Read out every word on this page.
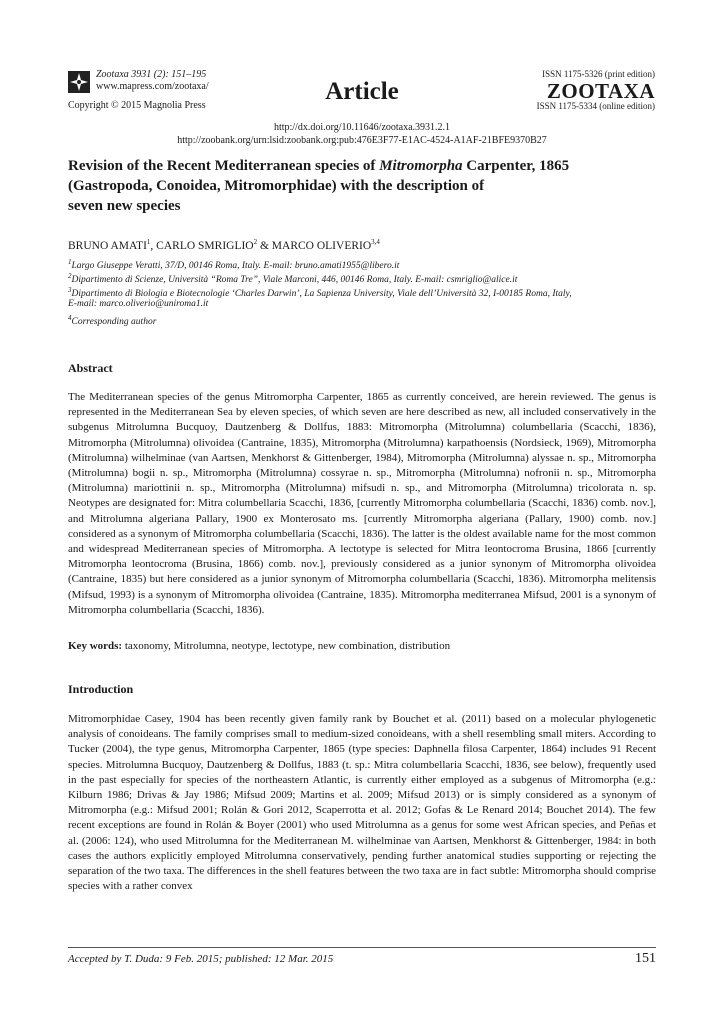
Zootaxa 3931 (2): 151–195
www.mapress.com/zootaxa/
Copyright © 2015 Magnolia Press
Article
ISSN 1175-5326 (print edition)
ZOOTAXA
ISSN 1175-5334 (online edition)
http://dx.doi.org/10.11646/zootaxa.3931.2.1
http://zoobank.org/urn:lsid:zoobank.org:pub:476E3F77-E1AC-4524-A1AF-21BFE9370B27
Revision of the Recent Mediterranean species of Mitromorpha Carpenter, 1865
(Gastropoda, Conoidea, Mitromorphidae) with the description of
seven new species
BRUNO AMATI$^1$, CARLO SMRIGLIO$^2$ & MARCO OLIVERIO$^{3,4}$
$^1$Largo Giuseppe Veratti, 37/D, 00146 Roma, Italy. E-mail: bruno.amati1955@libero.it
$^2$Dipartimento di Scienze, Università “Roma Tre”, Viale Marconi, 446, 00146 Roma, Italy. E-mail: csmriglio@alice.it
$^3$Dipartimento di Biologia e Biotecnologie ‘Charles Darwin’, La Sapienza University, Viale dell’Università 32, I-00185 Roma, Italy,
E-mail: marco.oliverio@uniroma1.it
$^4$Corresponding author
Abstract
The Mediterranean species of the genus Mitromorpha Carpenter, 1865 as currently conceived, are herein reviewed. The genus is represented in the Mediterranean Sea by eleven species, of which seven are here described as new, all included conservatively in the subgenus Mitrolumna Bucquoy, Dautzenberg & Dollfus, 1883: Mitromorpha (Mitrolumna) columbellaria (Scacchi, 1836), Mitromorpha (Mitrolumna) olivoidea (Cantraine, 1835), Mitromorpha (Mitrolumna) karpathoensis (Nordsieck, 1969), Mitromorpha (Mitrolumna) wilhelminae (van Aartsen, Menkhorst & Gittenberger, 1984), Mitromorpha (Mitrolumna) alyssae n. sp., Mitromorpha (Mitrolumna) bogii n. sp., Mitromorpha (Mitrolumna) cossyrae n. sp., Mitromorpha (Mitrolumna) nofronii n. sp., Mitromorpha (Mitrolumna) mariottinii n. sp., Mitromorpha (Mitrolumna) mifsudi n. sp., and Mitromorpha (Mitrolumna) tricolorata n. sp. Neotypes are designated for: Mitra columbellaria Scacchi, 1836, [currently Mitromorpha columbellaria (Scacchi, 1836) comb. nov.], and Mitrolumna algeriana Pallary, 1900 ex Monterosato ms. [currently Mitromorpha algeriana (Pallary, 1900) comb. nov.] considered as a synonym of Mitromorpha columbellaria (Scacchi, 1836). The latter is the oldest available name for the most common and widespread Mediterranean species of Mitromorpha. A lectotype is selected for Mitra leontocroma Brusina, 1866 [currently Mitromorpha leontocroma (Brusina, 1866) comb. nov.], previously considered as a junior synonym of Mitromorpha olivoidea (Cantraine, 1835) but here considered as a junior synonym of Mitromorpha columbellaria (Scacchi, 1836). Mitromorpha melitensis (Mifsud, 1993) is a synonym of Mitromorpha olivoidea (Cantraine, 1835). Mitromorpha mediterranea Mifsud, 2001 is a synonym of Mitromorpha columbellaria (Scacchi, 1836).
Key words: taxonomy, Mitrolumna, neotype, lectotype, new combination, distribution
Introduction
Mitromorphidae Casey, 1904 has been recently given family rank by Bouchet et al. (2011) based on a molecular phylogenetic analysis of conoideans. The family comprises small to medium-sized conoideans, with a shell resembling small miters. According to Tucker (2004), the type genus, Mitromorpha Carpenter, 1865 (type species: Daphnella filosa Carpenter, 1864) includes 91 Recent species. Mitrolumna Bucquoy, Dautzenberg & Dollfus, 1883 (t. sp.: Mitra columbellaria Scacchi, 1836, see below), frequently used in the past especially for species of the northeastern Atlantic, is currently either employed as a subgenus of Mitromorpha (e.g.: Kilburn 1986; Drivas & Jay 1986; Mifsud 2009; Martins et al. 2009; Mifsud 2013) or is simply considered as a synonym of Mitromorpha (e.g.: Mifsud 2001; Rolán & Gori 2012, Scaperrotta et al. 2012; Gofas & Le Renard 2014; Bouchet 2014). The few recent exceptions are found in Rolán & Boyer (2001) who used Mitrolumna as a genus for some west African species, and Peñas et al. (2006: 124), who used Mitrolumna for the Mediterranean M. wilhelminae van Aartsen, Menkhorst & Gittenberger, 1984: in both cases the authors explicitly employed Mitrolumna conservatively, pending further anatomical studies supporting or rejecting the separation of the two taxa. The differences in the shell features between the two taxa are in fact subtle: Mitromorpha should comprise species with a rather convex
Accepted by T. Duda: 9 Feb. 2015; published: 12 Mar. 2015	151
